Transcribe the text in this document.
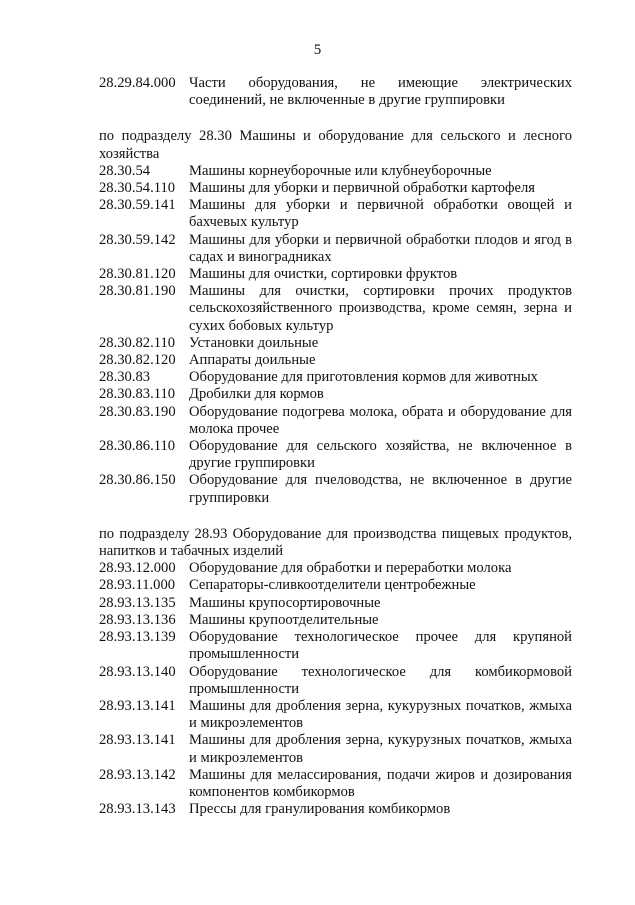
5
28.29.84.000 Части оборудования, не имеющие электрических соединений, не включенные в другие группировки
по подразделу 28.30 Машины и оборудование для сельского и лесного хозяйства
28.30.54	Машины корнеуборочные или клубнеуборочные
28.30.54.110 Машины для уборки и первичной обработки картофеля
28.30.59.141 Машины для уборки и первичной обработки овощей и бахчевых культур
28.30.59.142 Машины для уборки и первичной обработки плодов и ягод в садах и виноградниках
28.30.81.120 Машины для очистки, сортировки фруктов
28.30.81.190 Машины для очистки, сортировки прочих продуктов сельскохозяйственного производства, кроме семян, зерна и сухих бобовых культур
28.30.82.110 Установки доильные
28.30.82.120 Аппараты доильные
28.30.83	Оборудование для приготовления кормов для животных
28.30.83.110 Дробилки для кормов
28.30.83.190 Оборудование подогрева молока, обрата и оборудование для молока прочее
28.30.86.110 Оборудование для сельского хозяйства, не включенное в другие группировки
28.30.86.150 Оборудование для пчеловодства, не включенное в другие группировки
по подразделу 28.93 Оборудование для производства пищевых продуктов, напитков и табачных изделий
28.93.12.000 Оборудование для обработки и переработки молока
28.93.11.000 Сепараторы-сливкоотделители центробежные
28.93.13.135 Машины крупосортировочные
28.93.13.136 Машины крупоотделительные
28.93.13.139 Оборудование технологическое прочее для крупяной промышленности
28.93.13.140 Оборудование технологическое для комбикормовой промышленности
28.93.13.141 Машины для дробления зерна, кукурузных початков, жмыха и микроэлементов
28.93.13.141 Машины для дробления зерна, кукурузных початков, жмыха и микроэлементов
28.93.13.142 Машины для мелассирования, подачи жиров и дозирования компонентов комбикормов
28.93.13.143 Прессы для гранулирования комбикормов
